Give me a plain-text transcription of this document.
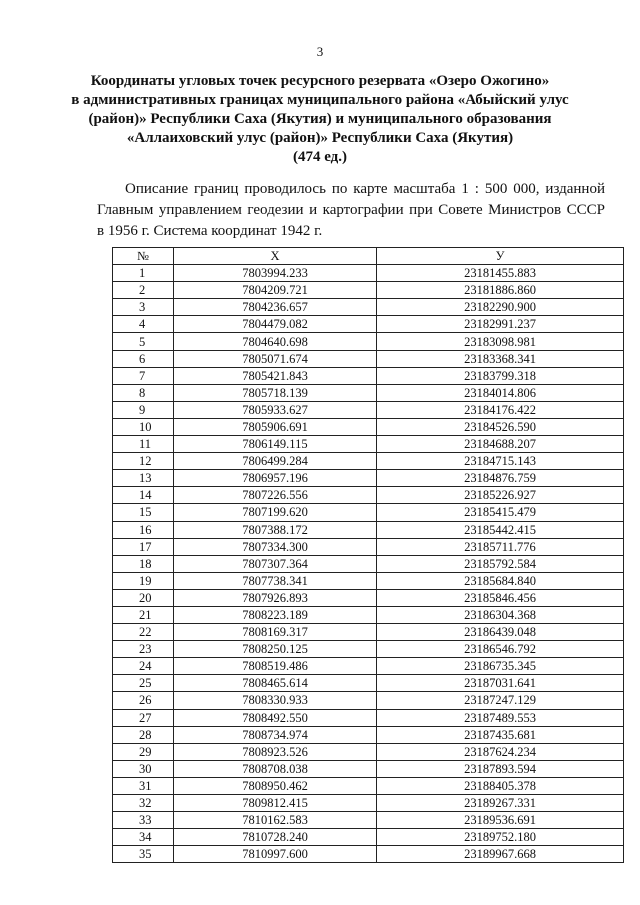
3
Координаты угловых точек ресурсного резервата «Озеро Ожогино»
в административных границах муниципального района «Абыйский улус
(район)» Республики Саха (Якутия) и муниципального образования
«Аллаиховский улус (район)» Республики Саха (Якутия)
(474 ед.)
Описание границ проводилось по карте масштаба 1 : 500 000, изданной
Главным управлением геодезии и картографии при Совете Министров СССР
в 1956 г. Система координат 1942 г.
№	X	У
1	7803994.233	23181455.883
2	7804209.721	23181886.860
3	7804236.657	23182290.900
4	7804479.082	23182991.237
5	7804640.698	23183098.981
6	7805071.674	23183368.341
7	7805421.843	23183799.318
8	7805718.139	23184014.806
9	7805933.627	23184176.422
10	7805906.691	23184526.590
11	7806149.115	23184688.207
12	7806499.284	23184715.143
13	7806957.196	23184876.759
14	7807226.556	23185226.927
15	7807199.620	23185415.479
16	7807388.172	23185442.415
17	7807334.300	23185711.776
18	7807307.364	23185792.584
19	7807738.341	23185684.840
20	7807926.893	23185846.456
21	7808223.189	23186304.368
22	7808169.317	23186439.048
23	7808250.125	23186546.792
24	7808519.486	23186735.345
25	7808465.614	23187031.641
26	7808330.933	23187247.129
27	7808492.550	23187489.553
28	7808734.974	23187435.681
29	7808923.526	23187624.234
30	7808708.038	23187893.594
31	7808950.462	23188405.378
32	7809812.415	23189267.331
33	7810162.583	23189536.691
34	7810728.240	23189752.180
35	7810997.600	23189967.668
